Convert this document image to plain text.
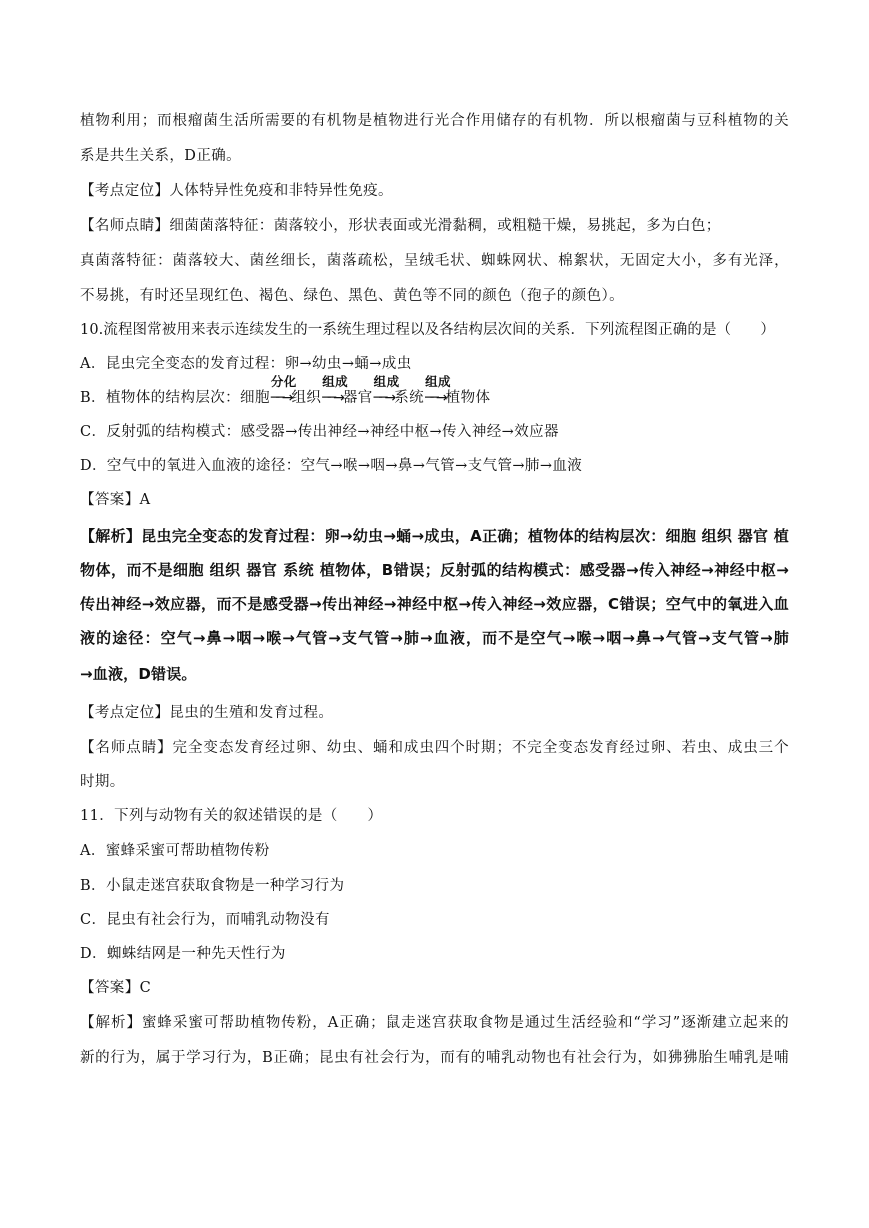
植物利用；而根瘤菌生活所需要的有机物是植物进行光合作用储存的有机物．所以根瘤菌与豆科植物的关
系是共生关系，D正确。
【考点定位】人体特异性免疫和非特异性免疫。
【名师点睛】细菌菌落特征：菌落较小，形状表面或光滑黏稠，或粗糙干燥，易挑起，多为白色；
真菌落特征：菌落较大、菌丝细长，菌落疏松，呈绒毛状、蜘蛛网状、棉絮状，无固定大小，多有光泽，
不易挑，有时还呈现红色、褐色、绿色、黑色、黄色等不同的颜色（孢子的颜色）。
10.流程图常被用来表示连续发生的一系统生理过程以及各结构层次间的关系．下列流程图正确的是（　　）
A．昆虫完全变态的发育过程：卵→幼虫→蛹→成虫
B．植物体的结构层次：细胞
分化
──→组织
组成
──→器官
组成
──→系统
组成
──→植物体
C．反射弧的结构模式：感受器→传出神经→神经中枢→传入神经→效应器
D．空气中的氧进入血液的途径：空气→喉→咽→鼻→气管→支气管→肺→血液
【答案】A
【解析】昆虫完全变态的发育过程：卵→幼虫→蛹→成虫，A正确；植物体的结构层次：细胞 组织 器官 植
物体，而不是细胞 组织 器官 系统 植物体，B错误；反射弧的结构模式：感受器→传入神经→神经中枢→
传出神经→效应器，而不是感受器→传出神经→神经中枢→传入神经→效应器，C错误；空气中的氧进入血
液的途径：空气→鼻→咽→喉→气管→支气管→肺→血液，而不是空气→喉→咽→鼻→气管→支气管→肺
→血液，D错误。
【考点定位】昆虫的生殖和发育过程。
【名师点睛】完全变态发育经过卵、幼虫、蛹和成虫四个时期；不完全变态发育经过卵、若虫、成虫三个
时期。
11．下列与动物有关的叙述错误的是（　　）
A．蜜蜂采蜜可帮助植物传粉
B．小鼠走迷宫获取食物是一种学习行为
C．昆虫有社会行为，而哺乳动物没有
D．蜘蛛结网是一种先天性行为
【答案】C
【解析】蜜蜂采蜜可帮助植物传粉，A正确；鼠走迷宫获取食物是通过生活经验和“学习”逐渐建立起来的
新的行为，属于学习行为，B正确；昆虫有社会行为，而有的哺乳动物也有社会行为，如狒狒胎生哺乳是哺
